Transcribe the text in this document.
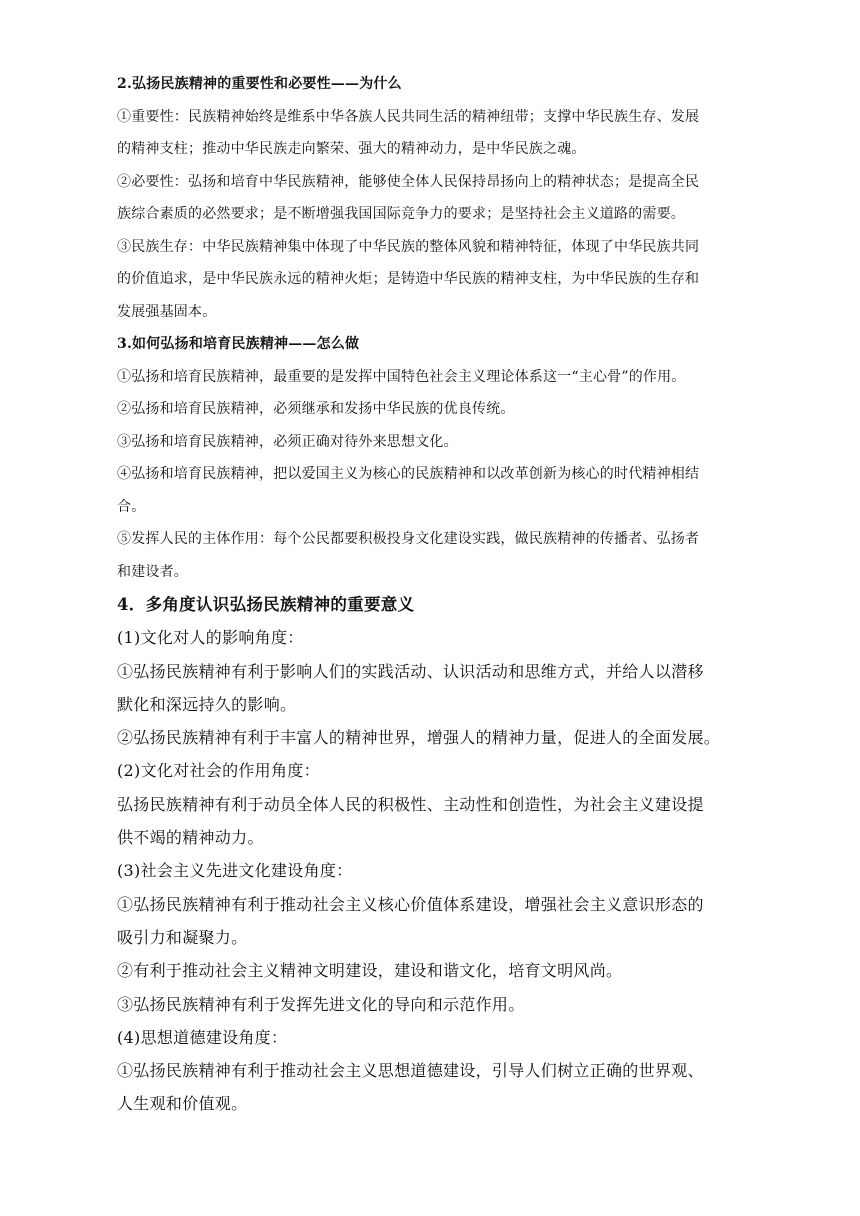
2.弘扬民族精神的重要性和必要性——为什么

①重要性：民族精神始终是维系中华各族人民共同生活的精神纽带；支撑中华民族生存、发展
的精神支柱；推动中华民族走向繁荣、强大的精神动力，是中华民族之魂。

②必要性：弘扬和培育中华民族精神，能够使全体人民保持昂扬向上的精神状态；是提高全民
族综合素质的必然要求；是不断增强我国国际竞争力的要求；是坚持社会主义道路的需要。

③民族生存：中华民族精神集中体现了中华民族的整体风貌和精神特征，体现了中华民族共同
的价值追求，是中华民族永远的精神火炬；是铸造中华民族的精神支柱，为中华民族的生存和
发展强基固本。

3.如何弘扬和培育民族精神——怎么做

①弘扬和培育民族精神，最重要的是发挥中国特色社会主义理论体系这一“主心骨”的作用。

②弘扬和培育民族精神，必须继承和发扬中华民族的优良传统。

③弘扬和培育民族精神，必须正确对待外来思想文化。

④弘扬和培育民族精神，把以爱国主义为核心的民族精神和以改革创新为核心的时代精神相结
合。

⑤发挥人民的主体作用：每个公民都要积极投身文化建设实践，做民族精神的传播者、弘扬者
和建设者。

4．多角度认识弘扬民族精神的重要意义

(1)文化对人的影响角度：

①弘扬民族精神有利于影响人们的实践活动、认识活动和思维方式，并给人以潜移
默化和深远持久的影响。

②弘扬民族精神有利于丰富人的精神世界，增强人的精神力量，促进人的全面发展。

(2)文化对社会的作用角度：

弘扬民族精神有利于动员全体人民的积极性、主动性和创造性，为社会主义建设提
供不竭的精神动力。

(3)社会主义先进文化建设角度：

①弘扬民族精神有利于推动社会主义核心价值体系建设，增强社会主义意识形态的
吸引力和凝聚力。

②有利于推动社会主义精神文明建设，建设和谐文化，培育文明风尚。

③弘扬民族精神有利于发挥先进文化的导向和示范作用。

(4)思想道德建设角度：

①弘扬民族精神有利于推动社会主义思想道德建设，引导人们树立正确的世界观、
人生观和价值观。
